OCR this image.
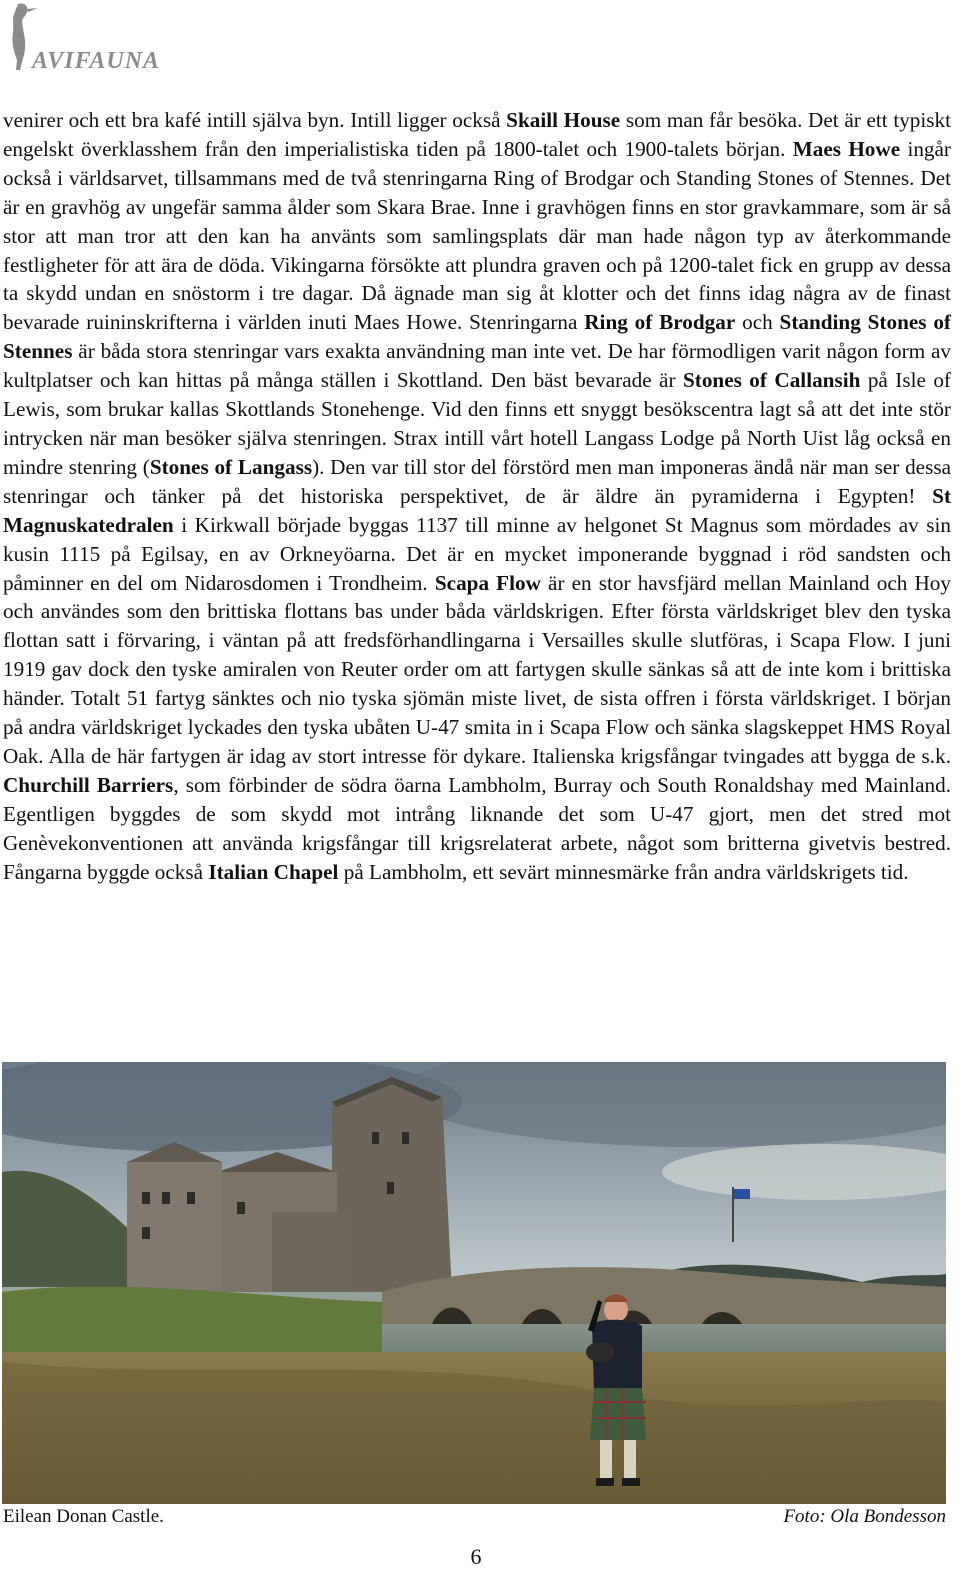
AVIFAUNA
venirer och ett bra kafé intill själva byn. Intill ligger också Skaill House som man får besöka. Det är ett typiskt engelskt överklasshem från den imperialistiska tiden på 1800-talet och 1900-talets början. Maes Howe ingår också i världsarvet, tillsammans med de två stenringarna Ring of Brodgar och Standing Stones of Stennes. Det är en gravhög av ungefär samma ålder som Skara Brae. Inne i gravhögen finns en stor gravkammare, som är så stor att man tror att den kan ha använts som samlingsplats där man hade någon typ av återkommande festligheter för att ära de döda. Vikingarna försökte att plundra graven och på 1200-talet fick en grupp av dessa ta skydd undan en snöstorm i tre dagar. Då ägnade man sig åt klotter och det finns idag några av de finast bevarade ruininskrifterna i världen inuti Maes Howe. Stenringarna Ring of Brodgar och Standing Stones of Stennes är båda stora stenringar vars exakta användning man inte vet. De har förmodligen varit någon form av kultplatser och kan hittas på många ställen i Skottland. Den bäst bevarade är Stones of Callansih på Isle of Lewis, som brukar kallas Skottlands Stonehenge. Vid den finns ett snyggt besökscentra lagt så att det inte stör intrycken när man besöker själva stenringen. Strax intill vårt hotell Langass Lodge på North Uist låg också en mindre stenring (Stones of Langass). Den var till stor del förstörd men man imponeras ändå när man ser dessa stenringar och tänker på det historiska perspektivet, de är äldre än pyramiderna i Egypten! St Magnuskatedralen i Kirkwall började byggas 1137 till minne av helgonet St Magnus som mördades av sin kusin 1115 på Egilsay, en av Orkneyöarna. Det är en mycket imponerande byggnad i röd sandsten och påminner en del om Nidarosdomen i Trondheim. Scapa Flow är en stor havsfjärd mellan Mainland och Hoy och användes som den brittiska flottans bas under båda världskrigen. Efter första världskriget blev den tyska flottan satt i förvaring, i väntan på att fredsförhandlingarna i Versailles skulle slutföras, i Scapa Flow. I juni 1919 gav dock den tyske amiralen von Reuter order om att fartygen skulle sänkas så att de inte kom i brittiska händer. Totalt 51 fartyg sänktes och nio tyska sjömän miste livet, de sista offren i första världskriget. I början på andra världskriget lyckades den tyska ubåten U-47 smita in i Scapa Flow och sänka slagskeppet HMS Royal Oak. Alla de här fartygen är idag av stort intresse för dykare. Italienska krigsfångar tvingades att bygga de s.k. Churchill Barriers, som förbinder de södra öarna Lambholm, Burray och South Ronaldshay med Mainland. Egentligen byggdes de som skydd mot intrång liknande det som U-47 gjort, men det stred mot Genèvekonventionen att använda krigsfångar till krigsrelaterat arbete, något som britterna givetvis bestred. Fångarna byggde också Italian Chapel på Lambholm, ett sevärt minnesmärke från andra världskrigets tid.
Eilean Donan Castle.	Foto: Ola Bondesson
6
